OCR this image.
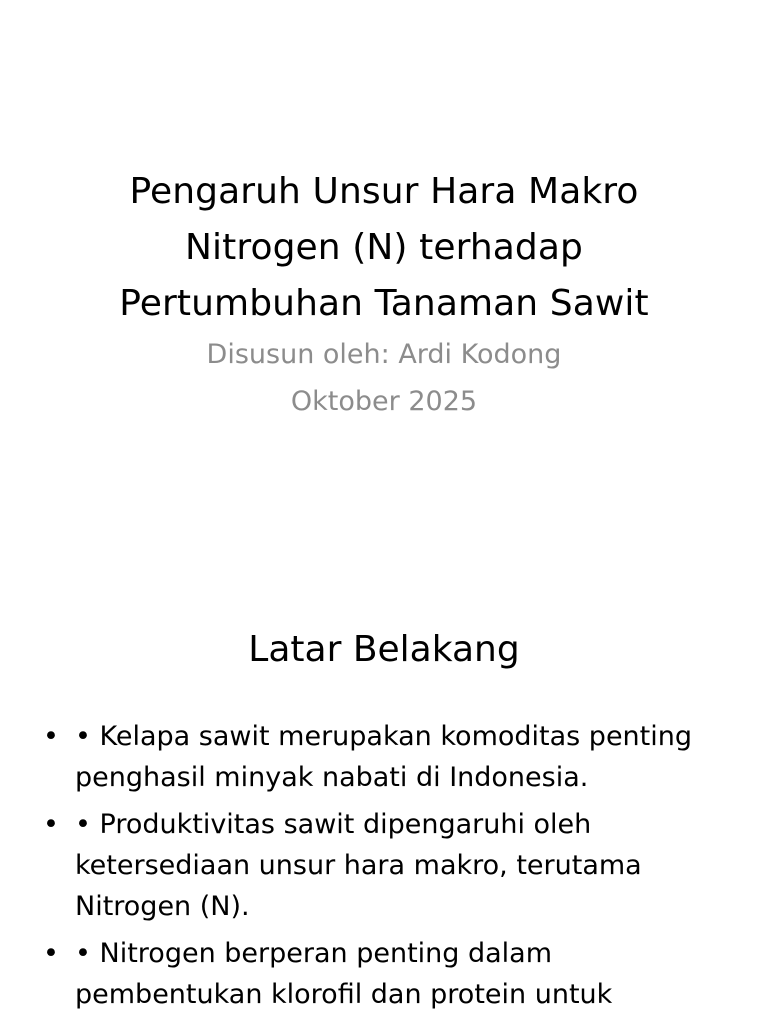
Pengaruh Unsur Hara Makro
Nitrogen (N) terhadap
Pertumbuhan Tanaman Sawit
Disusun oleh: Ardi Kodong
Oktober 2025
Latar Belakang
• • Kelapa sawit merupakan komoditas penting penghasil minyak nabati di Indonesia.
• • Produktivitas sawit dipengaruhi oleh ketersediaan unsur hara makro, terutama Nitrogen (N).
• • Nitrogen berperan penting dalam pembentukan klorofil dan protein untuk
